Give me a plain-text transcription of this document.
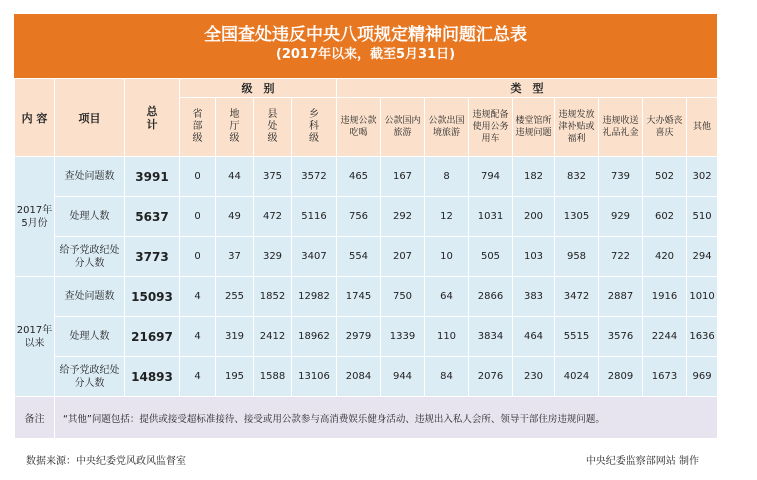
全国查处违反中央八项规定精神问题汇总表
(2017年以来，截至5月31日)
内 容	项目	总计	级　别				类　型								
			省部级	地厅级	县处级	乡科级	违规公款吃喝	公款国内旅游	公款出国境旅游	违规配备使用公务用车	楼堂馆所违规问题	违规发放津补贴或福利	违规收送礼品礼金	大办婚丧喜庆	其他
2017年5月份	查处问题数	3991	0	44	375	3572	465	167	8	794	182	832	739	502	302
	处理人数	5637	0	49	472	5116	756	292	12	1031	200	1305	929	602	510
	给予党政纪处分人数	3773	0	37	329	3407	554	207	10	505	103	958	722	420	294
2017年以来	查处问题数	15093	4	255	1852	12982	1745	750	64	2866	383	3472	2887	1916	1010
	处理人数	21697	4	319	2412	18962	2979	1339	110	3834	464	5515	3576	2244	1636
	给予党政纪处分人数	14893	4	195	1588	13106	2084	944	84	2076	230	4024	2809	1673	969
备注	“其他”问题包括：提供或接受超标准接待、接受或用公款参与高消费娱乐健身活动、违规出入私人会所、领导干部住房违规问题。														
数据来源：中央纪委党风政风监督室	中央纪委监察部网站 制作
